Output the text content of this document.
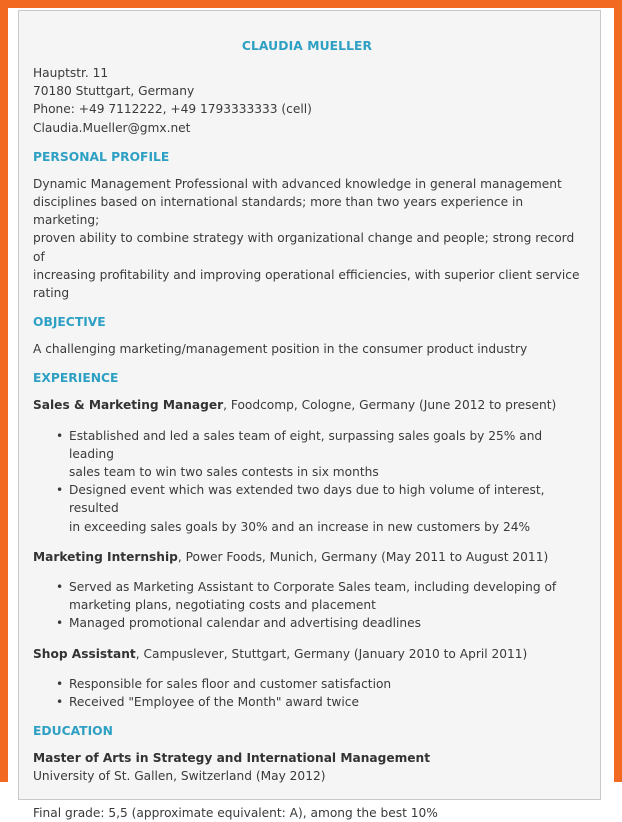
CLAUDIA MUELLER
Hauptstr. 11
70180 Stuttgart, Germany
Phone: +49 7112222, +49 1793333333 (cell)
Claudia.Mueller@gmx.net
PERSONAL PROFILE
Dynamic Management Professional with advanced knowledge in general management
disciplines based on international standards; more than two years experience in marketing;
proven ability to combine strategy with organizational change and people; strong record of
increasing profitability and improving operational efficiencies, with superior client service
rating
OBJECTIVE

A challenging marketing/management position in the consumer product industry

EXPERIENCE

Sales & Marketing Manager, Foodcomp, Cologne, Germany (June 2012 to present)

• Established and led a sales team of eight, surpassing sales goals by 25% and leading
sales team to win two sales contests in six months
• Designed event which was extended two days due to high volume of interest, resulted
in exceeding sales goals by 30% and an increase in new customers by 24%

Marketing Internship, Power Foods, Munich, Germany (May 2011 to August 2011)

• Served as Marketing Assistant to Corporate Sales team, including developing of
marketing plans, negotiating costs and placement
• Managed promotional calendar and advertising deadlines

Shop Assistant, Campuslever, Stuttgart, Germany (January 2010 to April 2011)

• Responsible for sales floor and customer satisfaction
• Received "Employee of the Month" award twice
EDUCATION
Master of Arts in Strategy and International Management
University of St. Gallen, Switzerland (May 2012)
Final grade: 5,5 (approximate equivalent: A), among the best 10%
